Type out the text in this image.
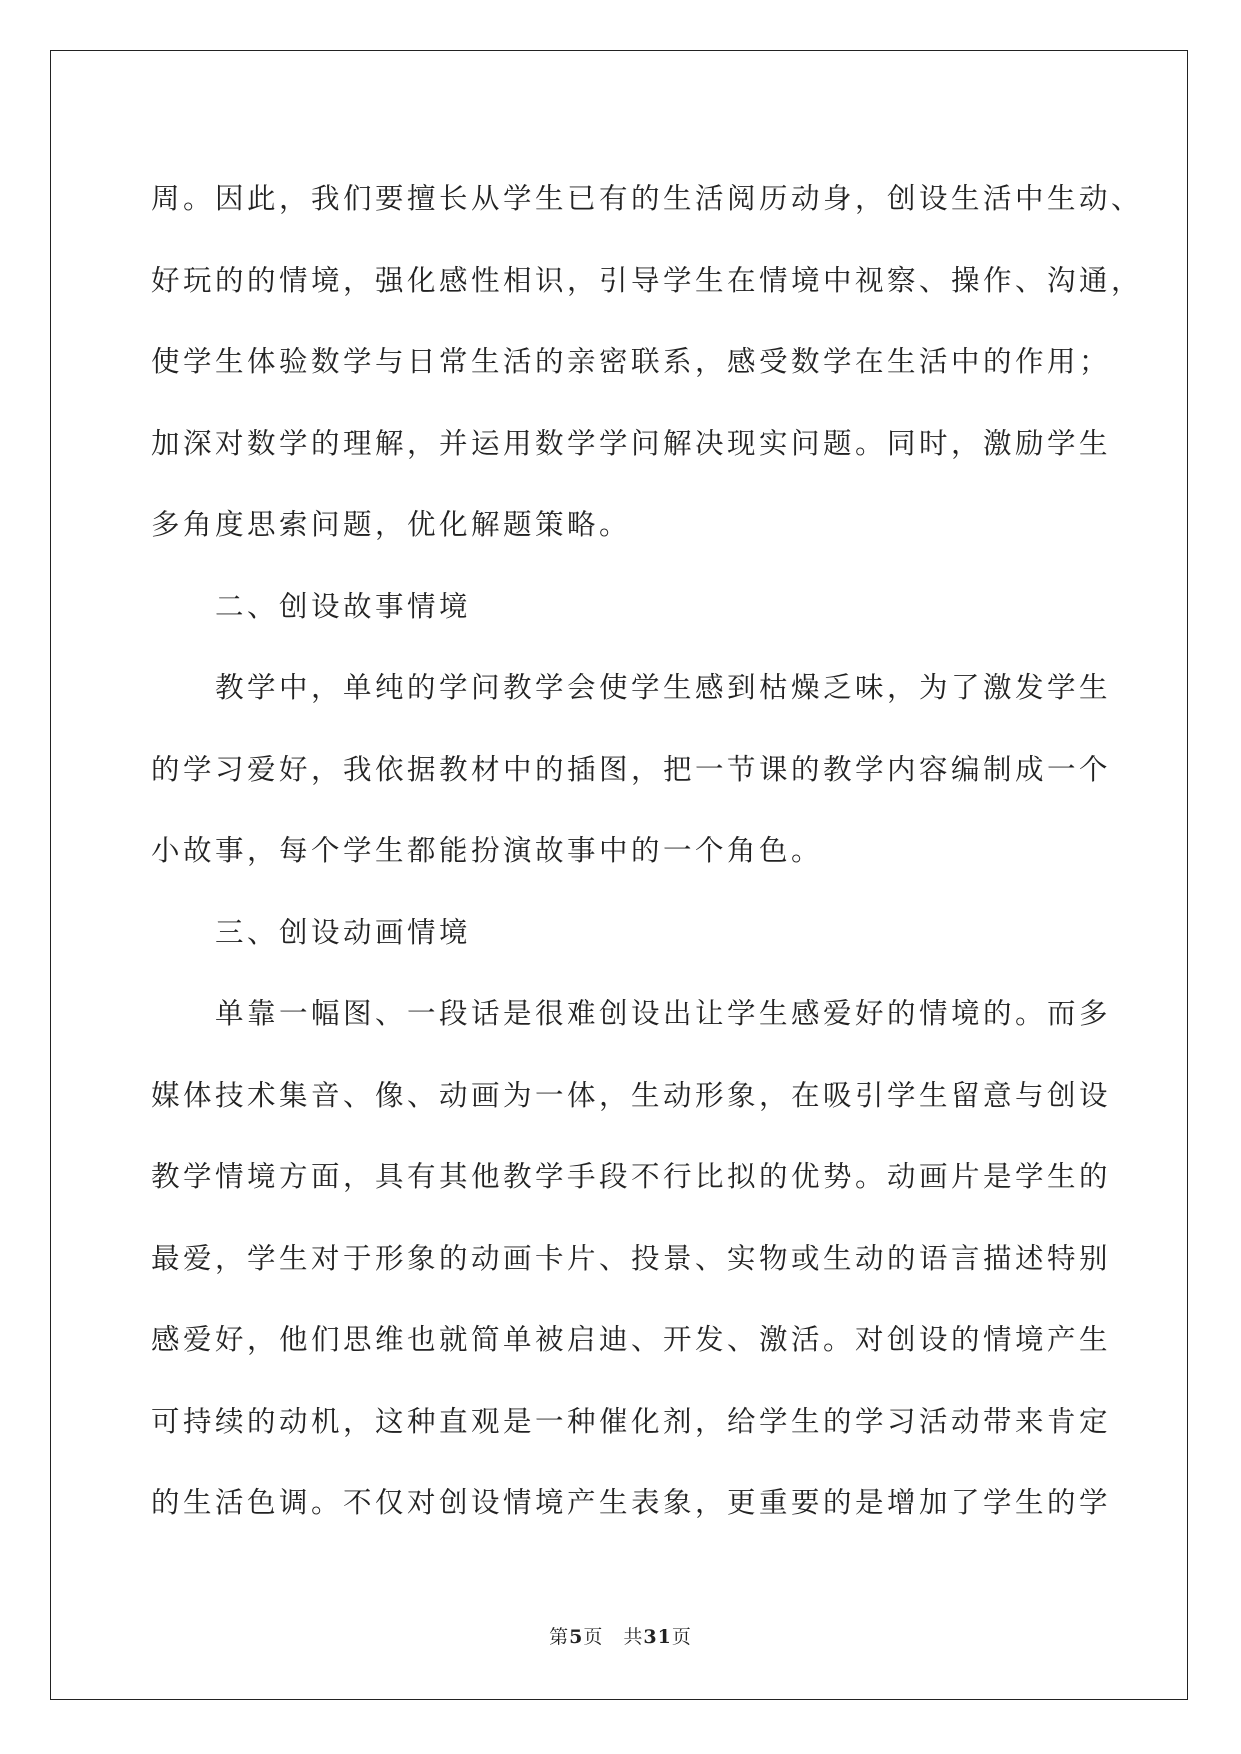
周。因此，我们要擅长从学生已有的生活阅历动身，创设生活中生动、
好玩的的情境，强化感性相识，引导学生在情境中视察、操作、沟通，
使学生体验数学与日常生活的亲密联系，感受数学在生活中的作用；
加深对数学的理解，并运用数学学问解决现实问题。同时，激励学生
多角度思索问题，优化解题策略。
二、创设故事情境
教学中，单纯的学问教学会使学生感到枯燥乏味，为了激发学生
的学习爱好，我依据教材中的插图，把一节课的教学内容编制成一个
小故事，每个学生都能扮演故事中的一个角色。
三、创设动画情境
单靠一幅图、一段话是很难创设出让学生感爱好的情境的。而多
媒体技术集音、像、动画为一体，生动形象，在吸引学生留意与创设
教学情境方面，具有其他教学手段不行比拟的优势。动画片是学生的
最爱，学生对于形象的动画卡片、投景、实物或生动的语言描述特别
感爱好，他们思维也就简单被启迪、开发、激活。对创设的情境产生
可持续的动机，这种直观是一种催化剂，给学生的学习活动带来肯定
的生活色调。不仅对创设情境产生表象，更重要的是增加了学生的学
第5页 共31页
